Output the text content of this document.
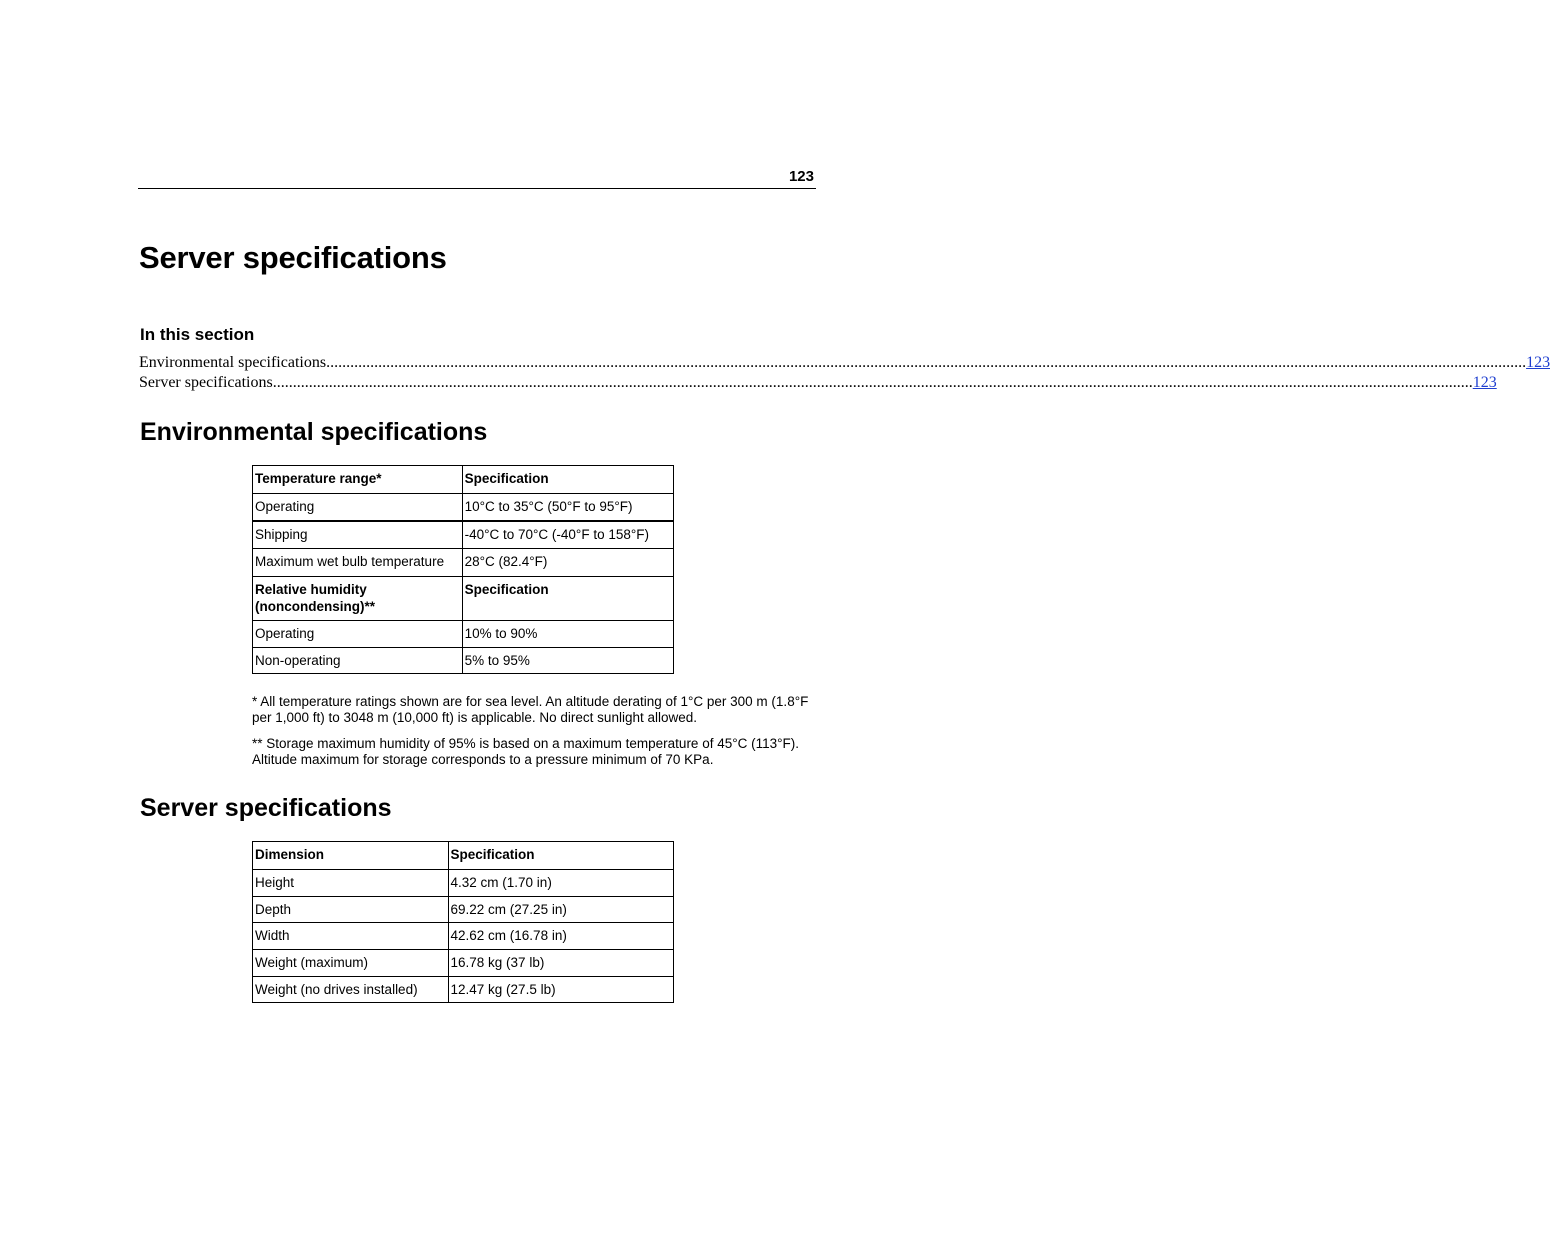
123
Server specifications
In this section
Environmental specifications ............................................................................................................................................................................................................................................................................................................ 123
Server specifications ............................................................................................................................................................................................................................................................................................................ 123
Environmental specifications
Temperature range*	Specification
Operating	10°C to 35°C (50°F to 95°F)
Shipping	-40°C to 70°C (-40°F to 158°F)
Maximum wet bulb temperature	28°C (82.4°F)
Relative humidity (noncondensing)**	Specification
Operating	10% to 90%
Non-operating	5% to 95%

* All temperature ratings shown are for sea level. An altitude derating of 1°C per 300 m (1.8°F per 1,000 ft) to 3048 m (10,000 ft) is applicable. No direct sunlight allowed.

** Storage maximum humidity of 95% is based on a maximum temperature of 45°C (113°F). Altitude maximum for storage corresponds to a pressure minimum of 70 KPa.

Server specifications
Dimension	Specification
Height	4.32 cm (1.70 in)
Depth	69.22 cm (27.25 in)
Width	42.62 cm (16.78 in)
Weight (maximum)	16.78 kg (37 lb)
Weight (no drives installed)	12.47 kg (27.5 lb)
